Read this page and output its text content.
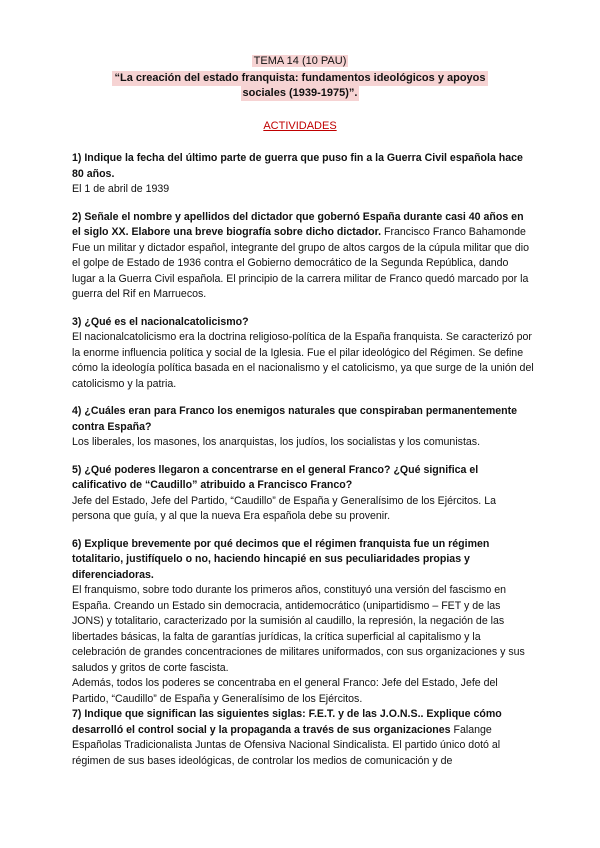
TEMA 14 (10 PAU)
“La creación del estado franquista: fundamentos ideológicos y apoyos
sociales (1939-1975)”.
ACTIVIDADES

1) Indique la fecha del último parte de guerra que puso fin a la Guerra Civil española hace 80 años.

El 1 de abril de 1939

2) Señale el nombre y apellidos del dictador que gobernó España durante casi 40 años en el siglo XX. Elabore una breve biografía sobre dicho dictador. Francisco Franco Bahamonde

Fue un militar y dictador español, integrante del grupo de altos cargos de la cúpula militar que dio el golpe de Estado de 1936 contra el Gobierno democrático de la Segunda República, dando lugar a la Guerra Civil española. El principio de la carrera militar de Franco quedó marcado por la guerra del Rif en Marruecos.

3) ¿Qué es el nacionalcatolicismo?

El nacionalcatolicismo era la doctrina religioso-política de la España franquista. Se caracterizó por la enorme influencia política y social de la Iglesia. Fue el pilar ideológico del Régimen. Se define cómo la ideología política basada en el nacionalismo y el catolicismo, ya que surge de la unión del catolicismo y la patria.

4) ¿Cuáles eran para Franco los enemigos naturales que conspiraban permanentemente contra España?

Los liberales, los masones, los anarquistas, los judíos, los socialistas y los comunistas.

5) ¿Qué poderes llegaron a concentrarse en el general Franco? ¿Qué significa el calificativo de “Caudillo” atribuido a Francisco Franco?

Jefe del Estado, Jefe del Partido, “Caudillo” de España y Generalísimo de los Ejércitos. La persona que guía, y al que la nueva Era española debe su provenir.

6) Explique brevemente por qué decimos que el régimen franquista fue un régimen totalitario, justifíquelo o no, haciendo hincapié en sus peculiaridades propias y diferenciadoras.

El franquismo, sobre todo durante los primeros años, constituyó una versión del fascismo en España. Creando un Estado sin democracia, antidemocrático (unipartidismo – FET y de las JONS) y totalitario, caracterizado por la sumisión al caudillo, la represión, la negación de las libertades básicas, la falta de garantías jurídicas, la crítica superficial al capitalismo y la celebración de grandes concentraciones de militares uniformados, con sus organizaciones y sus saludos y gritos de corte fascista.

Además, todos los poderes se concentraba en el general Franco: Jefe del Estado, Jefe del Partido, “Caudillo” de España y Generalísimo de los Ejércitos.

7) Indique que significan las siguientes siglas: F.E.T. y de las J.O.N.S.. Explique cómo desarrolló el control social y la propaganda a través de sus organizaciones Falange Españolas Tradicionalista Juntas de Ofensiva Nacional Sindicalista. El partido único dotó al régimen de sus bases ideológicas, de controlar los medios de comunicación y de
